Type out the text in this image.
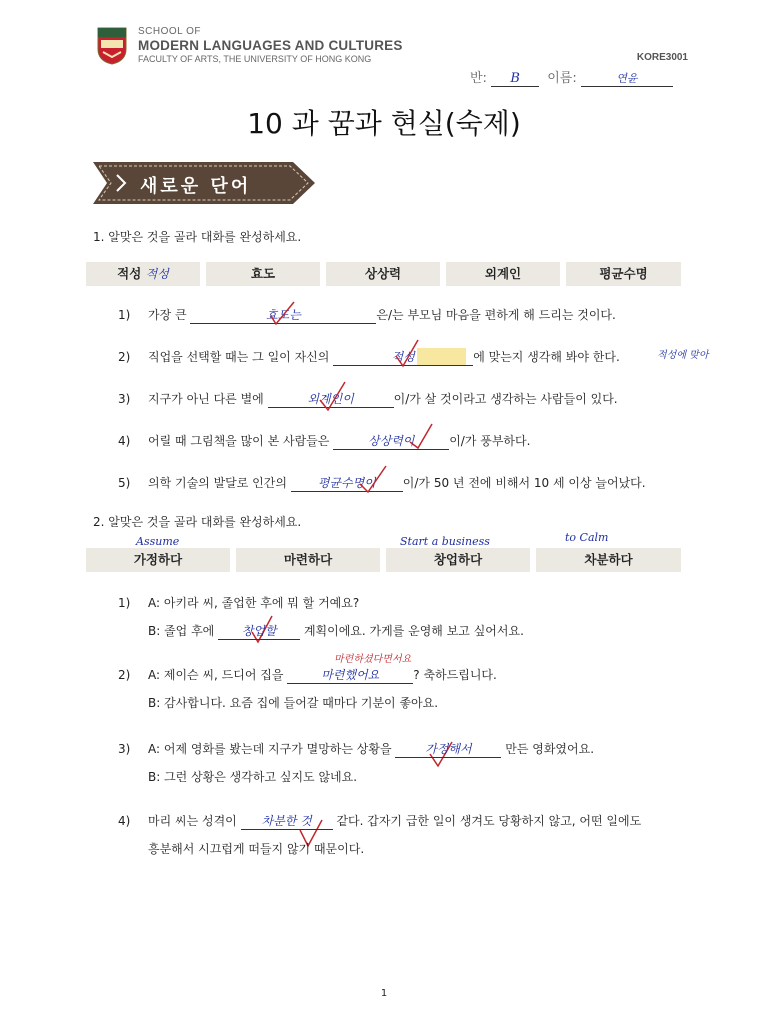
SCHOOL OF
MODERN LANGUAGES AND CULTURES
FACULTY OF ARTS, THE UNIVERSITY OF HONG KONG	KORE3001
반: B 이름:	연윤
10 과 꿈과 현실(숙제)
새로운 단어
1. 알맞은 것을 골라 대화를 완성하세요.
적성 적성	효도	상상력	외계인	평균수명
1) 가장 큰	효도는	은/는 부모님 마음을 편하게 해 드리는 것이다.
2) 직업을 선택할 때는 그 일이 자신의	적성	에 맞는지 생각해 봐야 한다.	적성에 맞아
3) 지구가 아닌 다른 별에	외계인이	이/가 살 것이라고 생각하는 사람들이 있다.
4) 어릴 때 그림책을 많이 본 사람들은	상상력이	이/가 풍부하다.
5) 의학 기술의 발달로 인간의	평균수명이 이/가 50 년 전에 비해서 10 세 이상 늘어났다.
2. 알맞은 것을 골라 대화를 완성하세요.
Assume	Start a business	to Calm
가정하다	마련하다	창업하다	차분하다
1) A: 아키라 씨, 졸업한 후에 뭐 할 거예요?
B: 졸업 후에 창업할 계획이에요. 가게를 운영해 보고 싶어서요.
마련하셨다면서요
2) A: 제이슨 씨, 드디어 집을	마련했어요	? 축하드립니다.
B: 감사합니다. 요즘 집에 들어갈 때마다 기분이 좋아요.
3) A: 어제 영화를 봤는데 지구가 멸망하는 상황을	가정해서	만든 영화였어요.
B: 그런 상황은 생각하고 싶지도 않네요.
4) 마리 씨는 성격이 차분한 것 같다. 갑자기 급한 일이 생겨도 당황하지 않고, 어떤 일에도
흥분해서 시끄럽게 떠들지 않기 때문이다.
1
